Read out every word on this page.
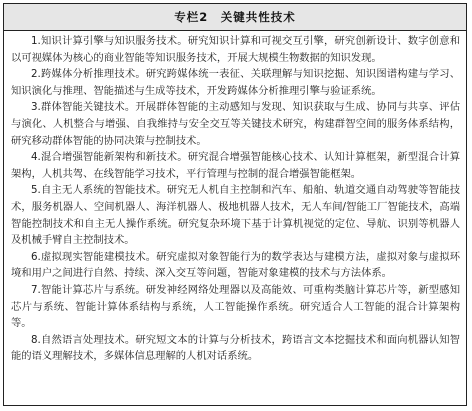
专栏2　关键共性技术

1.知识计算引擎与知识服务技术。研究知识计算和可视交互引擎，研究创新设计、数字创意和以可视媒体为核心的商业智能等知识服务技术，开展大规模生物数据的知识发现。

2.跨媒体分析推理技术。研究跨媒体统一表征、关联理解与知识挖掘、知识图谱构建与学习、知识演化与推理、智能描述与生成等技术，开发跨媒体分析推理引擎与验证系统。

3.群体智能关键技术。开展群体智能的主动感知与发现、知识获取与生成、协同与共享、评估与演化、人机整合与增强、自我维持与安全交互等关键技术研究，构建群智空间的服务体系结构，研究移动群体智能的协同决策与控制技术。

4.混合增强智能新架构和新技术。研究混合增强智能核心技术、认知计算框架，新型混合计算架构，人机共驾、在线智能学习技术，平行管理与控制的混合增强智能框架。

5.自主无人系统的智能技术。研究无人机自主控制和汽车、船舶、轨道交通自动驾驶等智能技术，服务机器人、空间机器人、海洋机器人、极地机器人技术，无人车间/智能工厂智能技术，高端智能控制技术和自主无人操作系统。研究复杂环境下基于计算机视觉的定位、导航、识别等机器人及机械手臂自主控制技术。

6.虚拟现实智能建模技术。研究虚拟对象智能行为的数学表达与建模方法，虚拟对象与虚拟环境和用户之间进行自然、持续、深入交互等问题，智能对象建模的技术与方法体系。

7.智能计算芯片与系统。研发神经网络处理器以及高能效、可重构类脑计算芯片等，新型感知芯片与系统、智能计算体系结构与系统，人工智能操作系统。研究适合人工智能的混合计算架构等。

8.自然语言处理技术。研究短文本的计算与分析技术，跨语言文本挖掘技术和面向机器认知智能的语义理解技术，多媒体信息理解的人机对话系统。
